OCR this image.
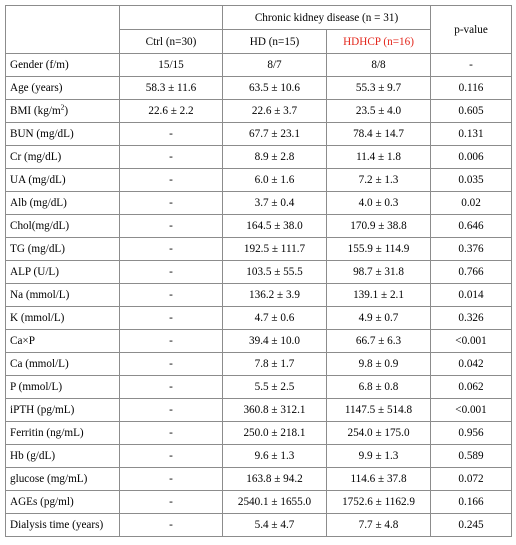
		Chronic kidney disease (n = 31)		p-value
	Ctrl (n=30)	HD (n=15)	HDHCP (n=16)	
Gender (f/m)	15/15	8/7	8/8	-
Age (years)	58.3 ± 11.6	63.5 ± 10.6	55.3 ± 9.7	0.116
BMI $(kg/m^2)$	22.6 ± 2.2	22.6 ± 3.7	23.5 ± 4.0	0.605
BUN (mg/dL)	-	67.7 ± 23.1	78.4 ± 14.7	0.131
Cr (mg/dL)	-	8.9 ± 2.8	11.4 ± 1.8	0.006
UA (mg/dL)	-	6.0 ± 1.6	7.2 ± 1.3	0.035
Alb (mg/dL)	-	3.7 ± 0.4	4.0 ± 0.3	0.02
Chol(mg/dL)	-	164.5 ± 38.0	170.9 ± 38.8	0.646
TG (mg/dL)	-	192.5 ± 111.7	155.9 ± 114.9	0.376
ALP (U/L)	-	103.5 ± 55.5	98.7 ± 31.8	0.766
Na (mmol/L)	-	136.2 ± 3.9	139.1 ± 2.1	0.014
K (mmol/L)	-	4.7 ± 0.6	4.9 ± 0.7	0.326
Ca×P	-	39.4 ± 10.0	66.7 ± 6.3	<0.001
Ca (mmol/L)	-	7.8 ± 1.7	9.8 ± 0.9	0.042
P (mmol/L)	-	5.5 ± 2.5	6.8 ± 0.8	0.062
iPTH (pg/mL)	-	360.8 ± 312.1	1147.5 ± 514.8	<0.001
Ferritin (ng/mL)	-	250.0 ± 218.1	254.0 ± 175.0	0.956
Hb (g/dL)	-	9.6 ± 1.3	9.9 ± 1.3	0.589
glucose (mg/mL)	-	163.8 ± 94.2	114.6 ± 37.8	0.072
AGEs (pg/ml)	-	2540.1 ± 1655.0	1752.6 ± 1162.9	0.166
Dialysis time (years)	-	5.4 ± 4.7	7.7 ± 4.8	0.245
